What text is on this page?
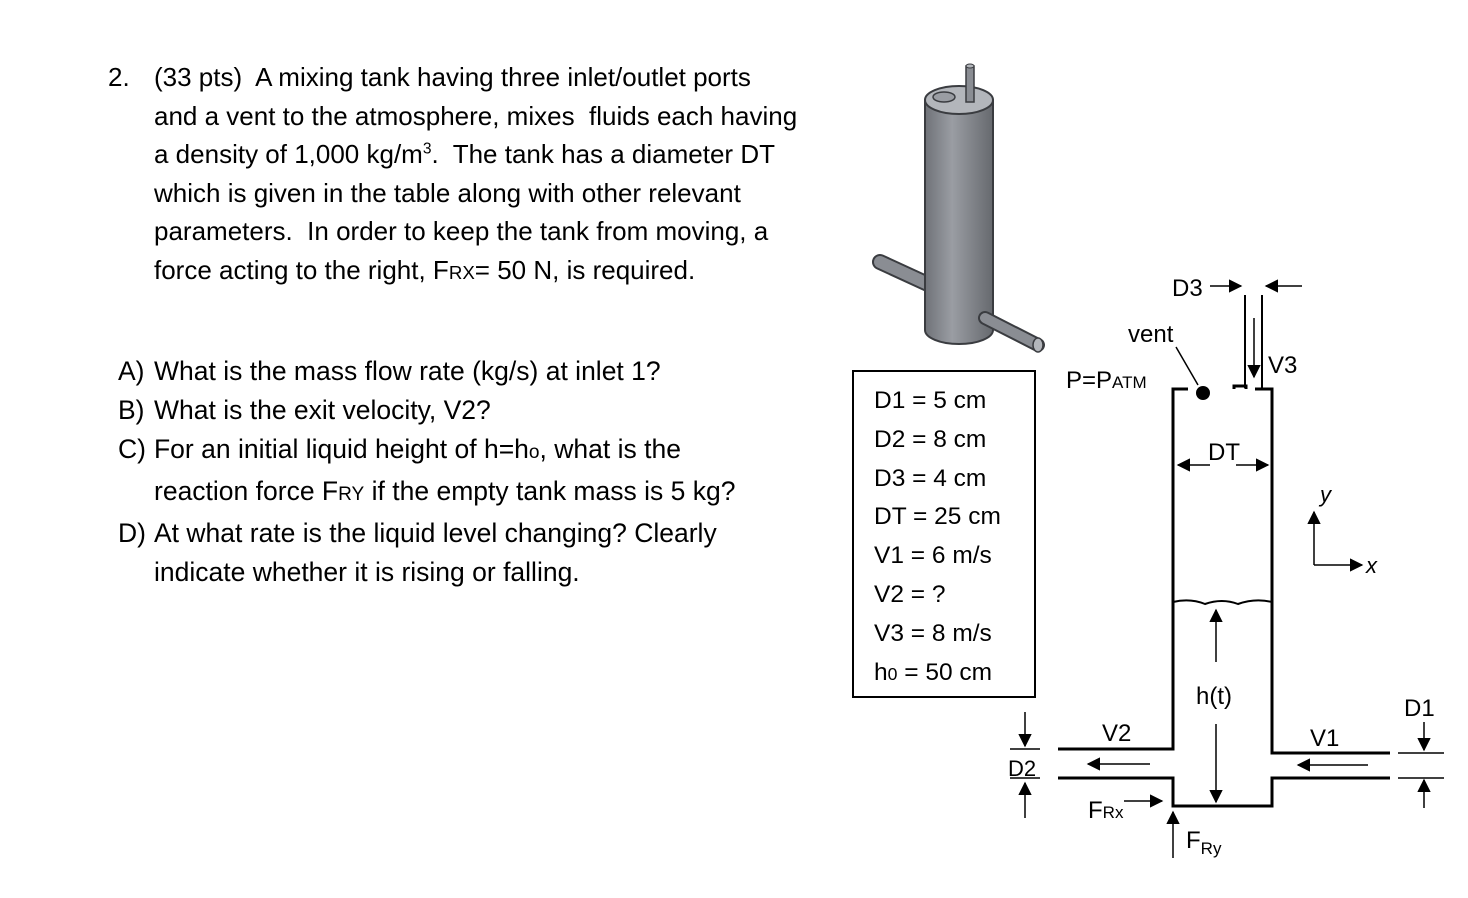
2. (33 pts) A mixing tank having three inlet/outlet ports
and a vent to the atmosphere, mixes  fluids each having
a density of 1,000 $kg/m^3$.  The tank has a diameter DT
which is given in the table along with other relevant
parameters.  In order to keep the tank from moving, a
force acting to the right, FRX= 50 N, is required.
A) What is the mass flow rate (kg/s) at inlet 1?
B) What is the exit velocity, V2?
C) For an initial liquid height of h=ho, what is the
reaction force FRY if the empty tank mass is 5 kg?
D) At what rate is the liquid level changing? Clearly
indicate whether it is rising or falling.
D3
vent
V3
P=PATM
DT
y
x
h(t)
V2	V1
D2
D1
FRx
$F_{Ry}$
D1 = 5 cm
D2 = 8 cm
D3 = 4 cm
DT = 25 cm
V1 = 6 m/s
V2 = ?
V3 = 8 m/s
h0 = 50 cm
